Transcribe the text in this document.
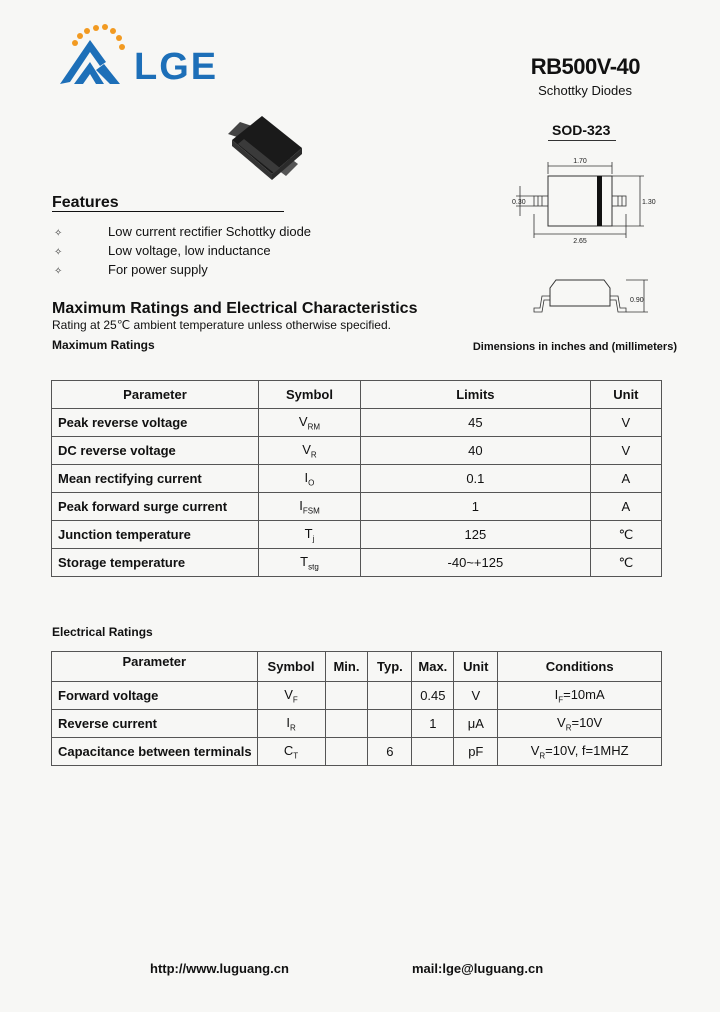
LGE	RB500V-40
Schottky Diodes
SOD-323
1.70
0.30	1.30
2.65
0.90
Dimensions in inches and (millimeters)
Features
✧	Low current rectifier Schottky diode
✧	Low voltage, low inductance
✧	For power supply
Maximum Ratings and Electrical Characteristics
Rating at 25℃ ambient temperature unless otherwise specified.
Maximum Ratings
Parameter	Symbol	Limits	Unit
Peak reverse voltage	$V_{RM}$	45	V
DC reverse voltage	$V_R$	40	V
Mean rectifying current	$I_O$	0.1	A
Peak forward surge current	$I_{FSM}$	1	A
Junction temperature	$T_j$	125	℃
Storage temperature	$T_{stg}$	-40~+125	℃
Electrical Ratings
Parameter	Symbol	Min.	Typ.	Max.	Unit	Conditions
Forward voltage	$V_F$			0.45	V	$I_F=10mA$
Reverse current	$I_R$			1	μA	$V_R=10V$
Capacitance between terminals	$C_T$		6		pF	$V_R=10V$, f=1MHZ
http://www.luguang.cn	mail:lge@luguang.cn
